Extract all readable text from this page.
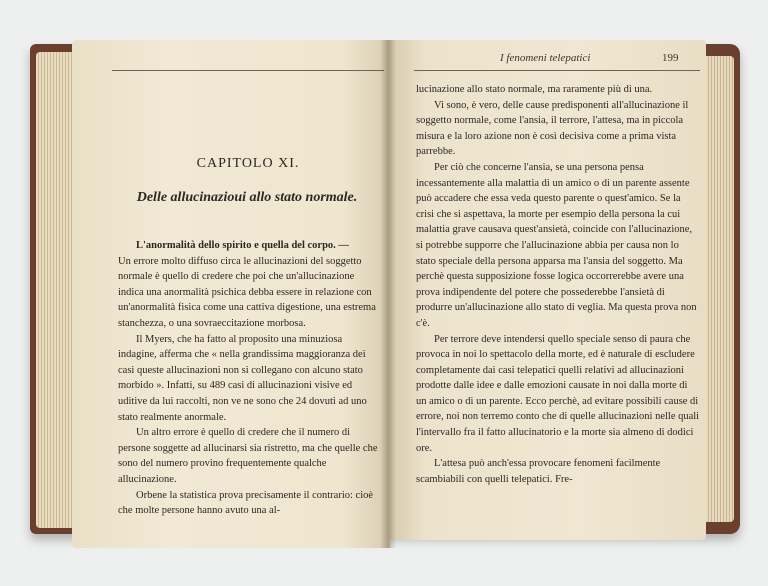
CAPITOLO XI.
Delle allucinazioui allo stato normale.

L'anormalità dello spirito e quella del corpo. —

Un errore molto diffuso circa le allucinazioni del soggetto normale è quello di credere che poi che un'allucinazione indica una anormalità psichica debba essere in relazione con un'anormalità fisica come una cattiva digestione, una estrema stanchezza, o una sovraeccitazione morbosa.

Il Myers, che ha fatto al proposito una minuziosa indagine, afferma che « nella grandissima maggioranza dei casi queste allucinazioni non si collegano con alcuno stato morbido ». Infatti, su 489 casi di allucinazioni visive ed uditive da lui raccolti, non ve ne sono che 24 dovuti ad uno stato realmente anormale.

Un altro errore è quello di credere che il numero di persone soggette ad allucinarsi sia ristretto, ma che quelle che sono del numero provino frequentemente qualche allucinazione.

Orbene la statistica prova precisamente il contrario: cioè che molte persone hanno avuto una al-

I fenomeni telepatici	199

lucinazione allo stato normale, ma raramente più di una.

Vi sono, è vero, delle cause predisponenti all'allucinazione il soggetto normale, come l'ansia, il terrore, l'attesa, ma in piccola misura e la loro azione non è così decisiva come a prima vista parrebbe.

Per ciò che concerne l'ansia, se una persona pensa incessantemente alla malattia di un amico o di un parente assente può accadere che essa veda questo parente o quest'amico. Se la crisi che si aspettava, la morte per esempio della persona la cui malattia grave causava quest'ansietà, coincide con l'allucinazione, si potrebbe supporre che l'allucinazione abbia per causa non lo stato speciale della persona apparsa ma l'ansia del soggetto. Ma perchè questa supposizione fosse logica occorrerebbe avere una prova indipendente del potere che possederebbe l'ansietà di produrre un'allucinazione allo stato di veglia. Ma questa prova non c'è.

Per terrore deve intendersi quello speciale senso di paura che provoca in noi lo spettacolo della morte, ed è naturale di escludere completamente dai casi telepatici quelli relativi ad allucinazioni prodotte dalle idee e dalle emozioni causate in noi dalla morte di un amico o di un parente. Ecco perchè, ad evitare possibili cause di errore, noi non terremo conto che di quelle allucinazioni nelle quali l'intervallo fra il fatto allucinatorio e la morte sia almeno di dodici ore.

L'attesa può anch'essa provocare fenomeni facilmente scambiabili con quelli telepatici. Fre-
